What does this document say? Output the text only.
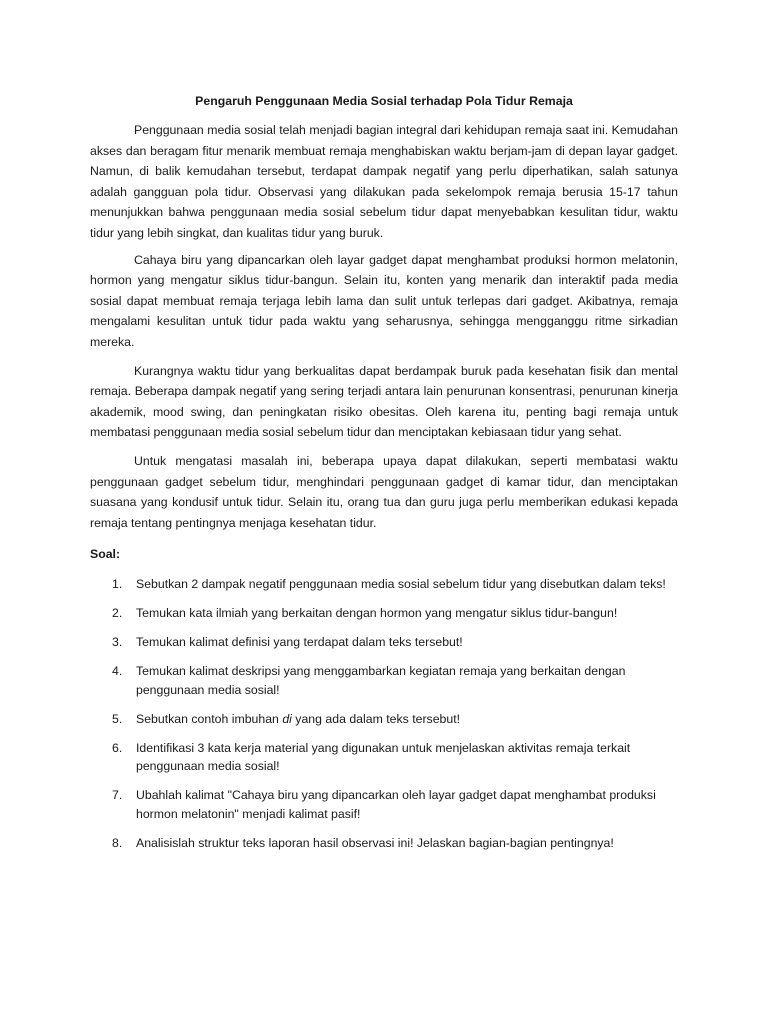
Pengaruh Penggunaan Media Sosial terhadap Pola Tidur Remaja

Penggunaan media sosial telah menjadi bagian integral dari kehidupan remaja saat ini. Kemudahan akses dan beragam fitur menarik membuat remaja menghabiskan waktu berjam-jam di depan layar gadget. Namun, di balik kemudahan tersebut, terdapat dampak negatif yang perlu diperhatikan, salah satunya adalah gangguan pola tidur. Observasi yang dilakukan pada sekelompok remaja berusia 15-17 tahun menunjukkan bahwa penggunaan media sosial sebelum tidur dapat menyebabkan kesulitan tidur, waktu tidur yang lebih singkat, dan kualitas tidur yang buruk.

Cahaya biru yang dipancarkan oleh layar gadget dapat menghambat produksi hormon melatonin, hormon yang mengatur siklus tidur-bangun. Selain itu, konten yang menarik dan interaktif pada media sosial dapat membuat remaja terjaga lebih lama dan sulit untuk terlepas dari gadget. Akibatnya, remaja mengalami kesulitan untuk tidur pada waktu yang seharusnya, sehingga mengganggu ritme sirkadian mereka.

Kurangnya waktu tidur yang berkualitas dapat berdampak buruk pada kesehatan fisik dan mental remaja. Beberapa dampak negatif yang sering terjadi antara lain penurunan konsentrasi, penurunan kinerja akademik, mood swing, dan peningkatan risiko obesitas. Oleh karena itu, penting bagi remaja untuk membatasi penggunaan media sosial sebelum tidur dan menciptakan kebiasaan tidur yang sehat.

Untuk mengatasi masalah ini, beberapa upaya dapat dilakukan, seperti membatasi waktu penggunaan gadget sebelum tidur, menghindari penggunaan gadget di kamar tidur, dan menciptakan suasana yang kondusif untuk tidur. Selain itu, orang tua dan guru juga perlu memberikan edukasi kepada remaja tentang pentingnya menjaga kesehatan tidur.

Soal:
1. Sebutkan 2 dampak negatif penggunaan media sosial sebelum tidur yang disebutkan dalam teks!
2. Temukan kata ilmiah yang berkaitan dengan hormon yang mengatur siklus tidur-bangun!
3. Temukan kalimat definisi yang terdapat dalam teks tersebut!
4. Temukan kalimat deskripsi yang menggambarkan kegiatan remaja yang berkaitan dengan penggunaan media sosial!
5. Sebutkan contoh imbuhan di yang ada dalam teks tersebut!
6. Identifikasi 3 kata kerja material yang digunakan untuk menjelaskan aktivitas remaja terkait penggunaan media sosial!
7. Ubahlah kalimat "Cahaya biru yang dipancarkan oleh layar gadget dapat menghambat produksi hormon melatonin" menjadi kalimat pasif!
8. Analisislah struktur teks laporan hasil observasi ini! Jelaskan bagian-bagian pentingnya!
